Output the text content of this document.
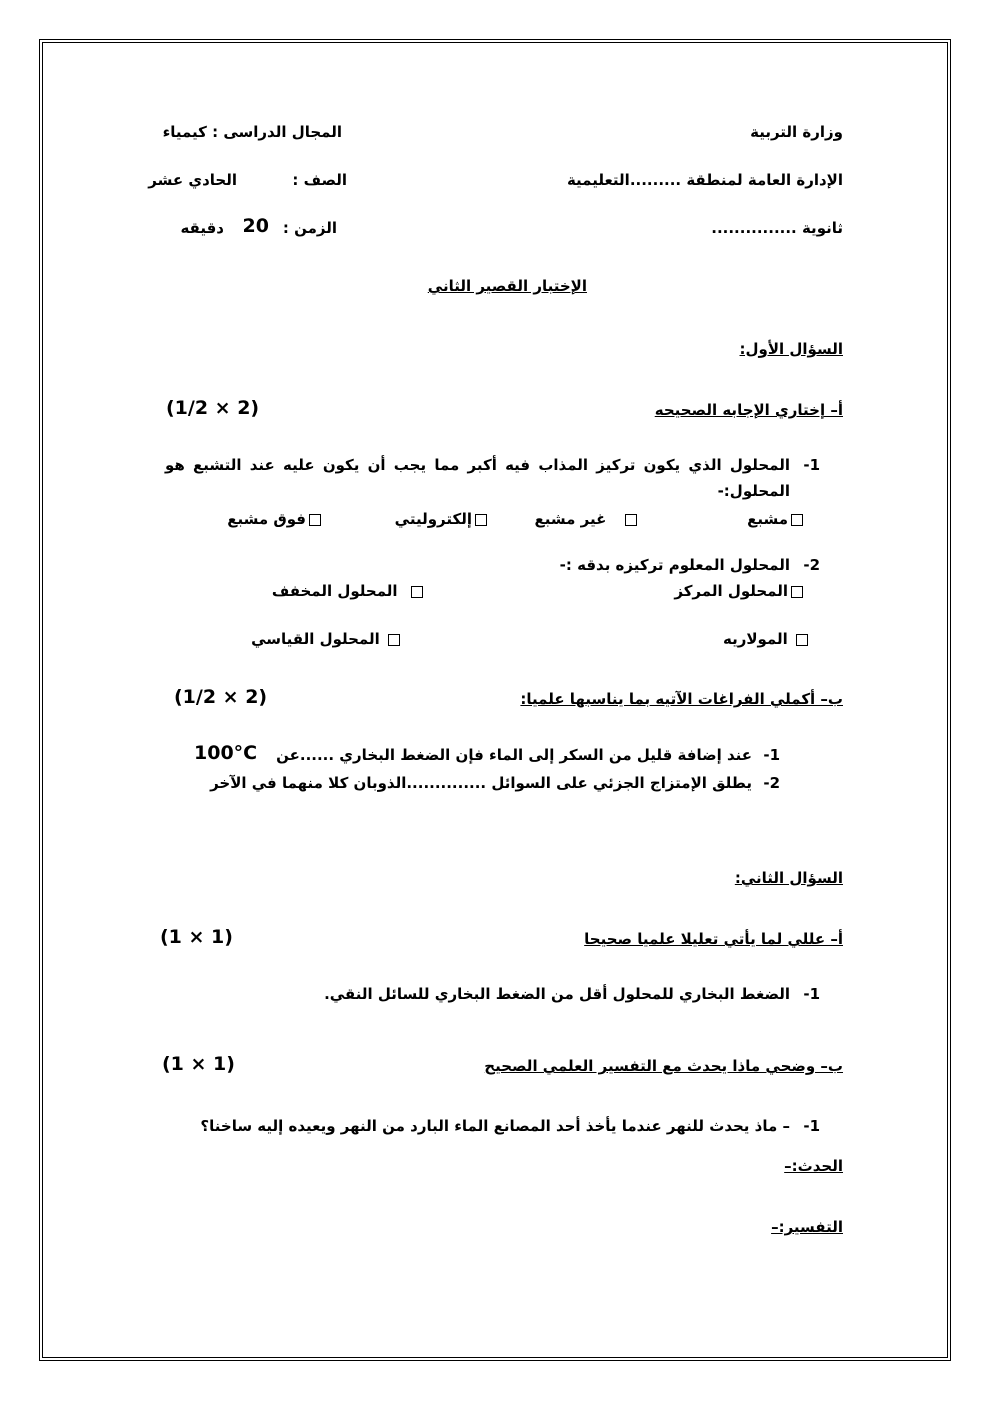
وزارة التربية
المجال الدراسى : كيمياء
الإدارة العامة لمنطقة .........التعليمية
الصف :
الحادي عشر
ثانوية ...............
الزمن :
20
دقيقه
الإختبار القصير الثاني
السؤال الأول:
أ– إختاري الإجابه الصحيحه
(1/2 × 2)
1-
المحلول الذي يكون تركيز المذاب فيه أكبر مما يجب أن يكون عليه عند التشبع هو
المحلول:-
مشبع
غير مشبع
إلكتروليتي
فوق مشبع
2-
المحلول المعلوم تركيزه بدقه :-
المحلول المركز
المحلول المخفف
المولاريه
المحلول القياسي
ب– أكملي الفراغات الآتيه بما يناسبها علميا:
(1/2 × 2)
1-
عند إضافة قليل من السكر إلى الماء فإن الضغط البخاري ......عن
100°C
2-
يطلق الإمتزاج الجزئي على السوائل ..............الذوبان كلا منهما في الآخر
السؤال الثاني:
أ– عللي لما يأتي تعليلا علميا صحيحا
(1 × 1)
1-
الضغط البخاري للمحلول أقل من الضغط البخاري للسائل النقي.
ب– وضحي ماذا يحدث مع التفسير العلمي الصحيح
(1 × 1)
1-
– ماذ يحدث للنهر عندما يأخذ أحد المصانع الماء البارد من النهر ويعيده إليه ساخنا؟
الحدث:–
التفسير:–
